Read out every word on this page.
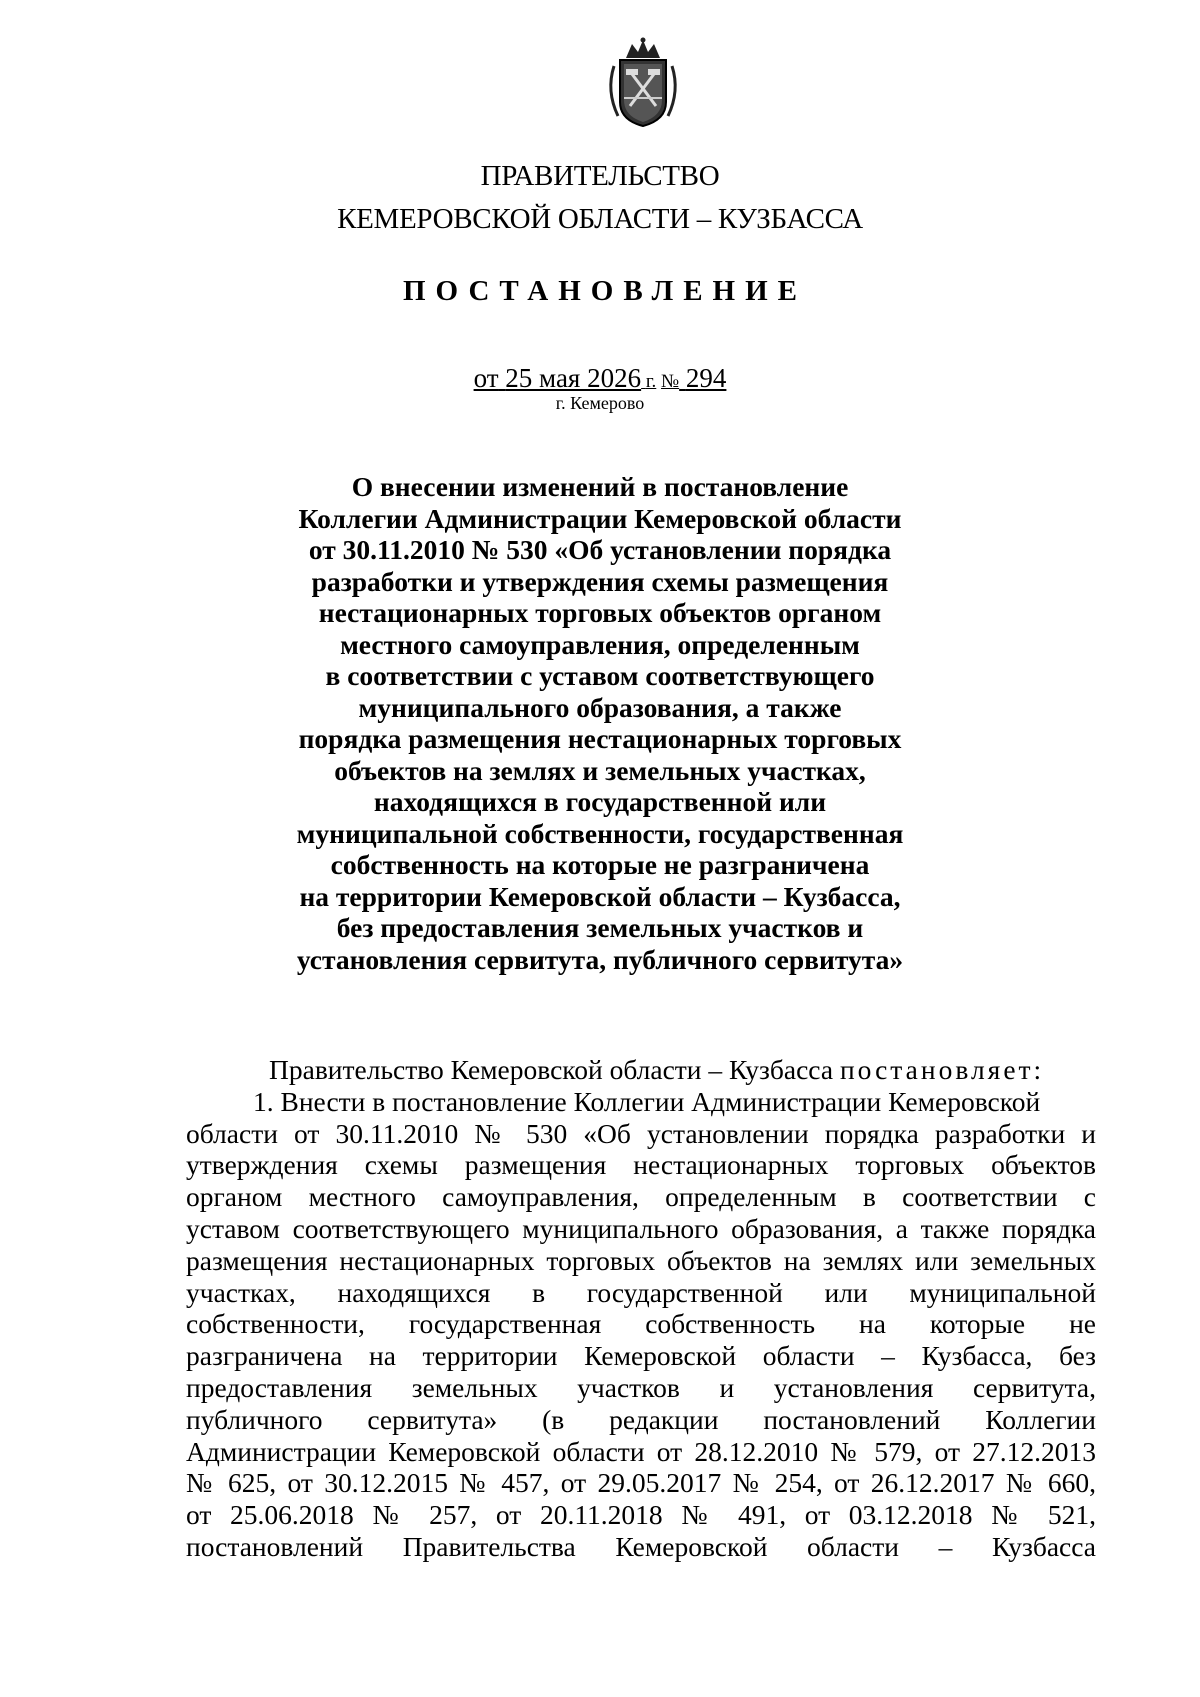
ПРАВИТЕЛЬСТВО
КЕМЕРОВСКОЙ ОБЛАСТИ – КУЗБАССА
ПОСТАНОВЛЕНИЕ
от 25 мая 2026 г. № 294
г. Кемерово
О внесении изменений в постановление
Коллегии Администрации Кемеровской области
от 30.11.2010 № 530 «Об установлении порядка
разработки и утверждения схемы размещения
нестационарных торговых объектов органом
местного самоуправления, определенным
в соответствии с уставом соответствующего
муниципального образования, а также
порядка размещения нестационарных торговых
объектов на землях и земельных участках,
находящихся в государственной или
муниципальной собственности, государственная
собственность на которые не разграничена
на территории Кемеровской области – Кузбасса,
без предоставления земельных участков и
установления сервитута, публичного сервитута»
Правительство Кемеровской области – Кузбасса постановляет:
1. Внести в постановление Коллегии Администрации Кемеровской
области от 30.11.2010 № 530 «Об установлении порядка разработки и
утверждения схемы размещения нестационарных торговых объектов
органом местного самоуправления, определенным в соответствии с
уставом соответствующего муниципального образования, а также порядка
размещения нестационарных торговых объектов на землях или земельных
участках, находящихся в государственной или муниципальной
собственности, государственная собственность на которые не
разграничена на территории Кемеровской области – Кузбасса, без
предоставления земельных участков и установления сервитута,
публичного сервитута» (в редакции постановлений Коллегии
Администрации Кемеровской области от 28.12.2010 № 579, от 27.12.2013
№ 625, от 30.12.2015 № 457, от 29.05.2017 № 254, от 26.12.2017 № 660,
от 25.06.2018 № 257, от 20.11.2018 № 491, от 03.12.2018 № 521,
постановлений Правительства Кемеровской области – Кузбасса
